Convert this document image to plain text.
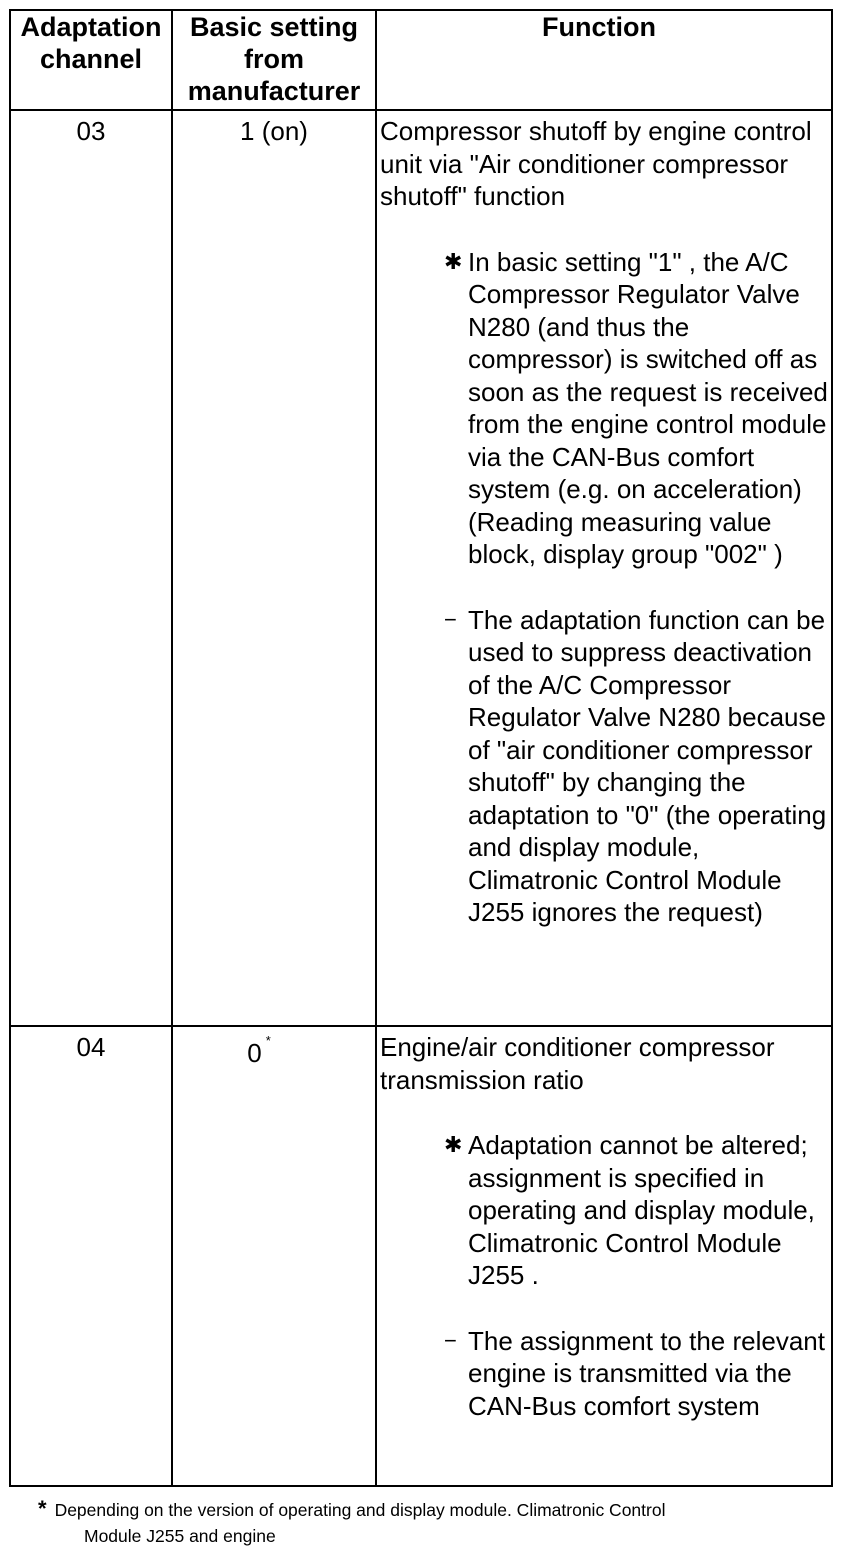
Adaptation channel	Basic setting from manufacturer	Function
03	1 (on)	Compressor shutoff by engine control unit via "Air conditioner compressor shutoff" function
✱ In basic setting "1" , the A/C Compressor Regulator Valve N280 (and thus the compressor) is switched off as soon as the request is received from the engine control module via the CAN-Bus comfort system (e.g. on acceleration) (Reading measuring value block, display group "002" )
− The adaptation function can be used to suppress deactivation of the A/C Compressor Regulator Valve N280 because of "air conditioner compressor shutoff" by changing the adaptation to "0" (the operating and display module, Climatronic Control Module J255 ignores the request)

04	0 *	Engine/air conditioner compressor transmission ratio
✱ Adaptation cannot be altered; assignment is specified in operating and display module, Climatronic Control Module J255 .
− The assignment to the relevant engine is transmitted via the CAN-Bus comfort system
* Depending on the version of operating and display module. Climatronic Control
Module J255 and engine
